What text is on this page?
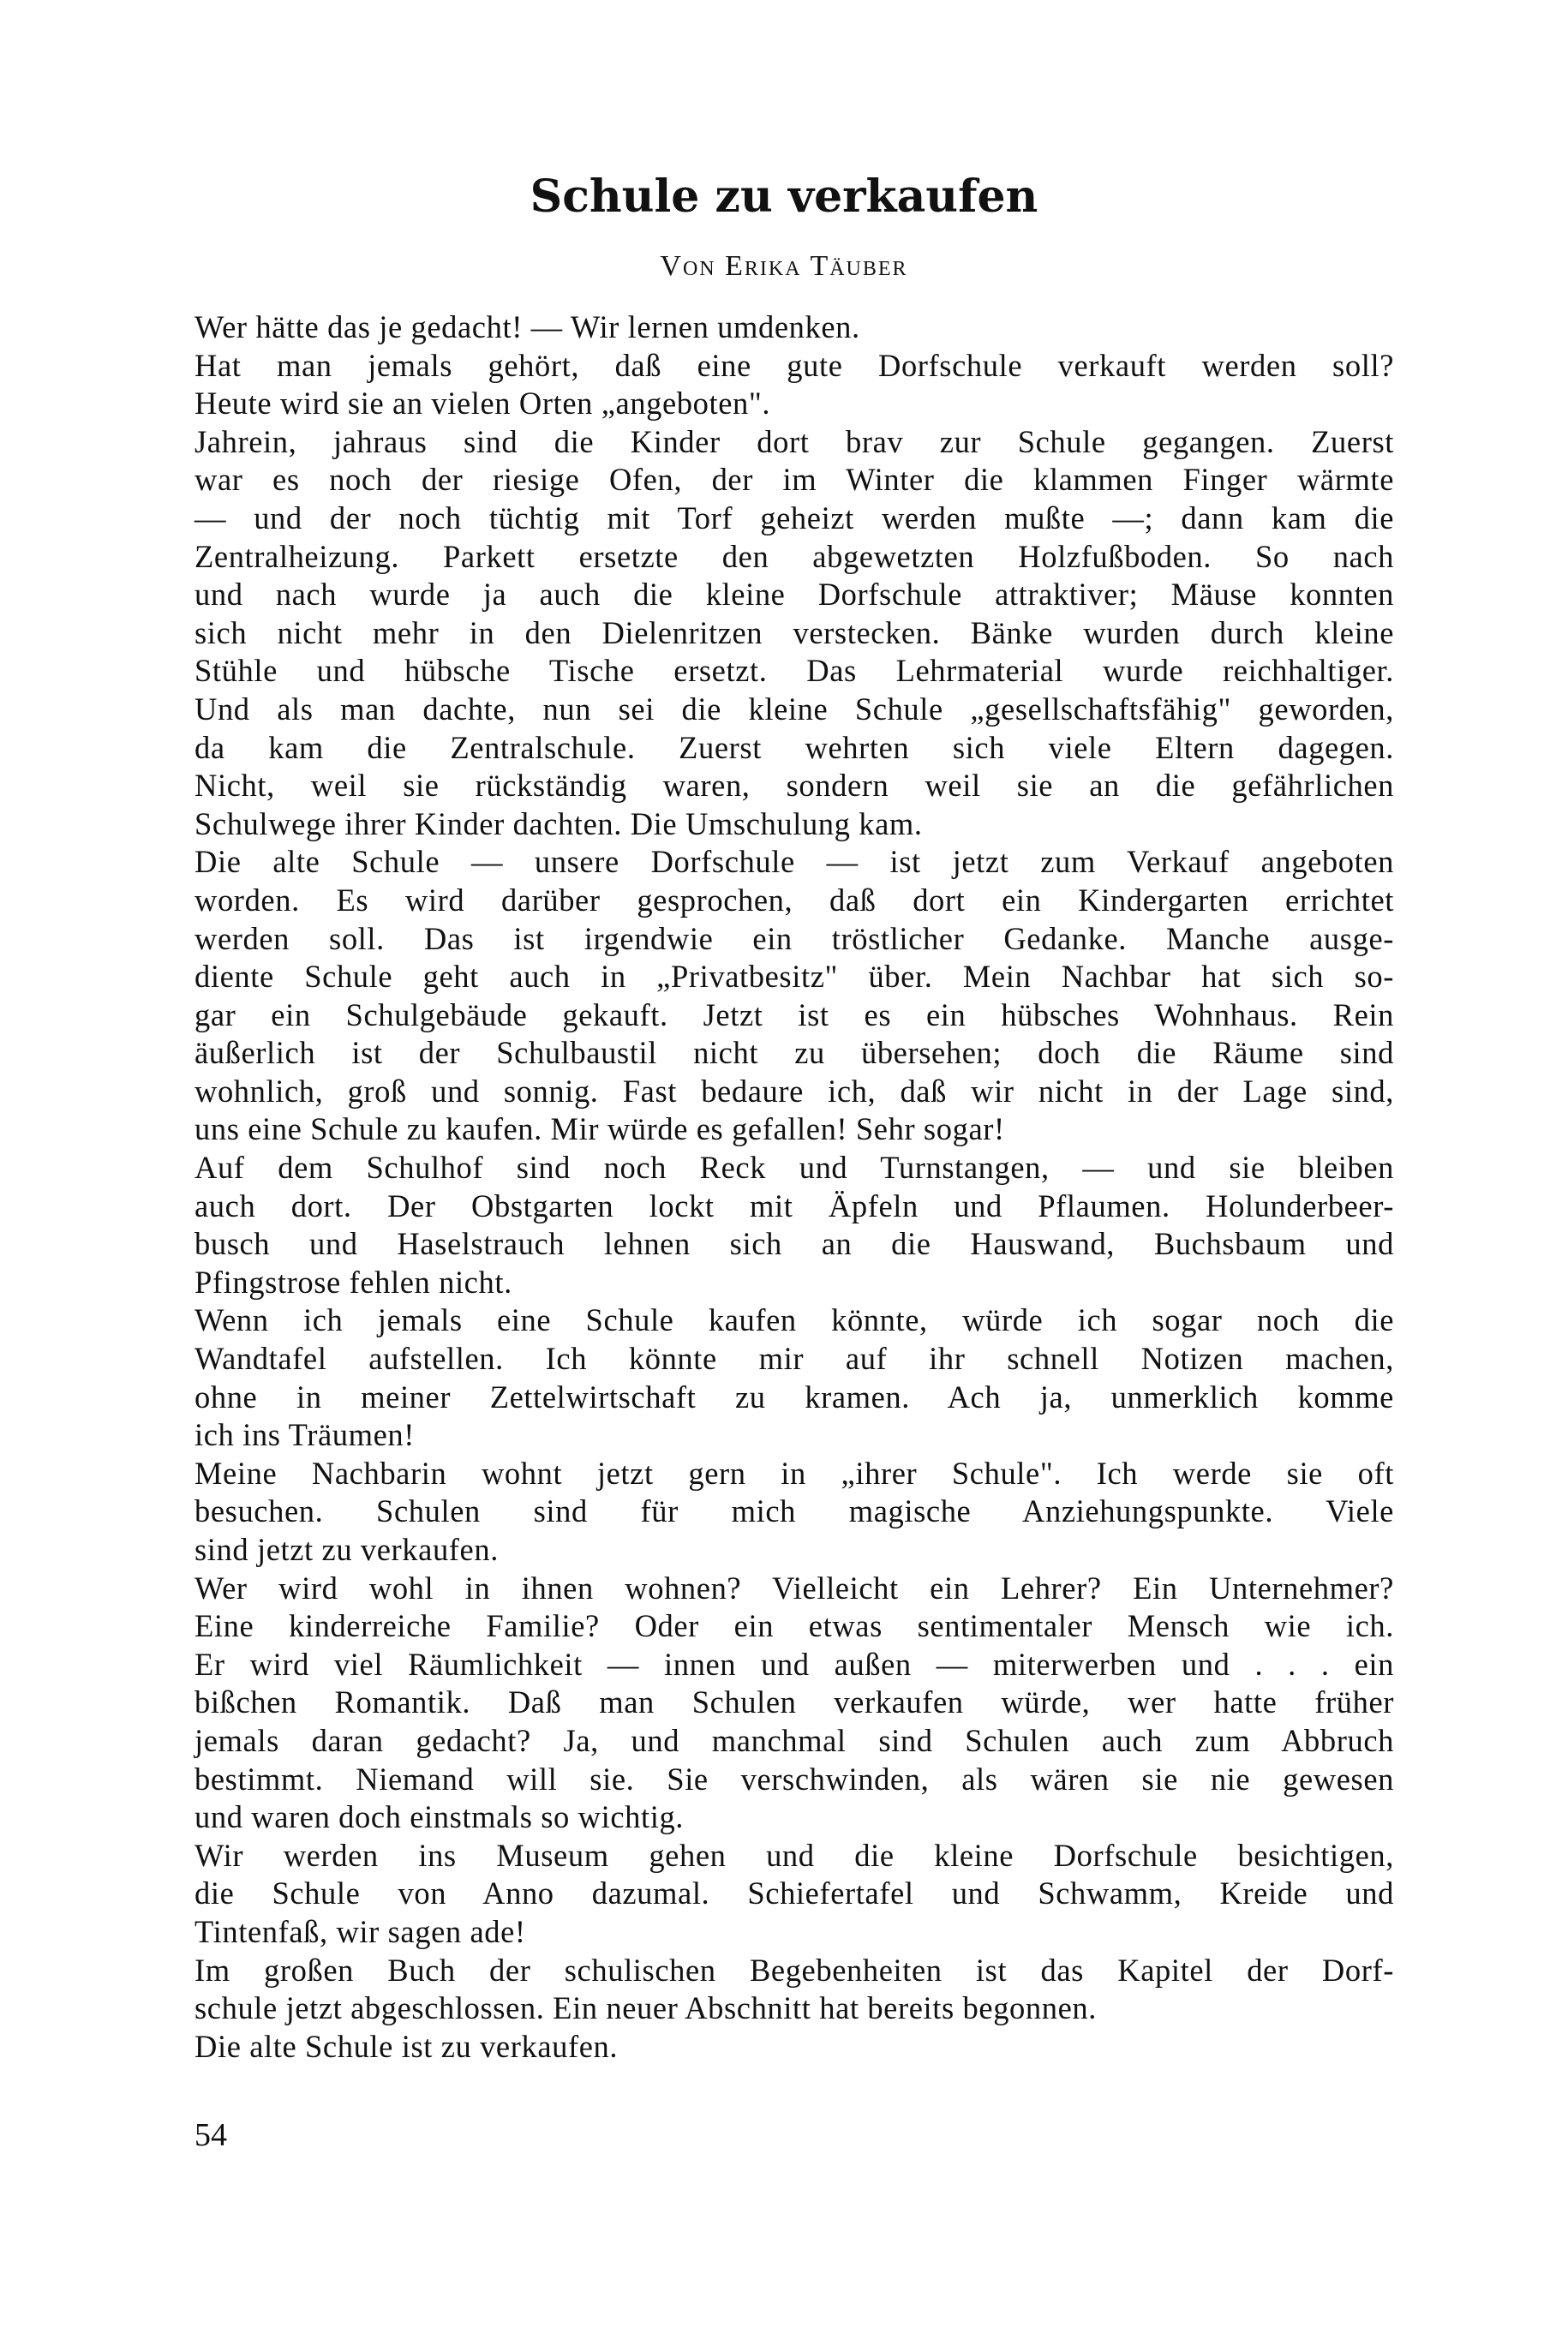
Schule zu verkaufen
Von Erika Täuber
Wer hätte das je gedacht! — Wir lernen umdenken.
Hat man jemals gehört, daß eine gute Dorfschule verkauft werden soll?
Heute wird sie an vielen Orten „angeboten".
Jahrein, jahraus sind die Kinder dort brav zur Schule gegangen. Zuerst
war es noch der riesige Ofen, der im Winter die klammen Finger wärmte
— und der noch tüchtig mit Torf geheizt werden mußte —; dann kam die
Zentralheizung. Parkett ersetzte den abgewetzten Holzfußboden. So nach
und nach wurde ja auch die kleine Dorfschule attraktiver; Mäuse konnten
sich nicht mehr in den Dielenritzen verstecken. Bänke wurden durch kleine
Stühle und hübsche Tische ersetzt. Das Lehrmaterial wurde reichhaltiger.
Und als man dachte, nun sei die kleine Schule „gesellschaftsfähig" geworden,
da kam die Zentralschule. Zuerst wehrten sich viele Eltern dagegen.
Nicht, weil sie rückständig waren, sondern weil sie an die gefährlichen
Schulwege ihrer Kinder dachten. Die Umschulung kam.
Die alte Schule — unsere Dorfschule — ist jetzt zum Verkauf angeboten
worden. Es wird darüber gesprochen, daß dort ein Kindergarten errichtet
werden soll. Das ist irgendwie ein tröstlicher Gedanke. Manche ausge-
diente Schule geht auch in „Privatbesitz" über. Mein Nachbar hat sich so-
gar ein Schulgebäude gekauft. Jetzt ist es ein hübsches Wohnhaus. Rein
äußerlich ist der Schulbaustil nicht zu übersehen; doch die Räume sind
wohnlich, groß und sonnig. Fast bedaure ich, daß wir nicht in der Lage sind,
uns eine Schule zu kaufen. Mir würde es gefallen! Sehr sogar!
Auf dem Schulhof sind noch Reck und Turnstangen, — und sie bleiben
auch dort. Der Obstgarten lockt mit Äpfeln und Pflaumen. Holunderbeer-
busch und Haselstrauch lehnen sich an die Hauswand, Buchsbaum und
Pfingstrose fehlen nicht.
Wenn ich jemals eine Schule kaufen könnte, würde ich sogar noch die
Wandtafel aufstellen. Ich könnte mir auf ihr schnell Notizen machen,
ohne in meiner Zettelwirtschaft zu kramen. Ach ja, unmerklich komme
ich ins Träumen!
Meine Nachbarin wohnt jetzt gern in „ihrer Schule". Ich werde sie oft
besuchen. Schulen sind für mich magische Anziehungspunkte. Viele
sind jetzt zu verkaufen.
Wer wird wohl in ihnen wohnen? Vielleicht ein Lehrer? Ein Unternehmer?
Eine kinderreiche Familie? Oder ein etwas sentimentaler Mensch wie ich.
Er wird viel Räumlichkeit — innen und außen — miterwerben und . . . ein
bißchen Romantik. Daß man Schulen verkaufen würde, wer hatte früher
jemals daran gedacht? Ja, und manchmal sind Schulen auch zum Abbruch
bestimmt. Niemand will sie. Sie verschwinden, als wären sie nie gewesen
und waren doch einstmals so wichtig.
Wir werden ins Museum gehen und die kleine Dorfschule besichtigen,
die Schule von Anno dazumal. Schiefertafel und Schwamm, Kreide und
Tintenfaß, wir sagen ade!
Im großen Buch der schulischen Begebenheiten ist das Kapitel der Dorf-
schule jetzt abgeschlossen. Ein neuer Abschnitt hat bereits begonnen.
Die alte Schule ist zu verkaufen.
54
